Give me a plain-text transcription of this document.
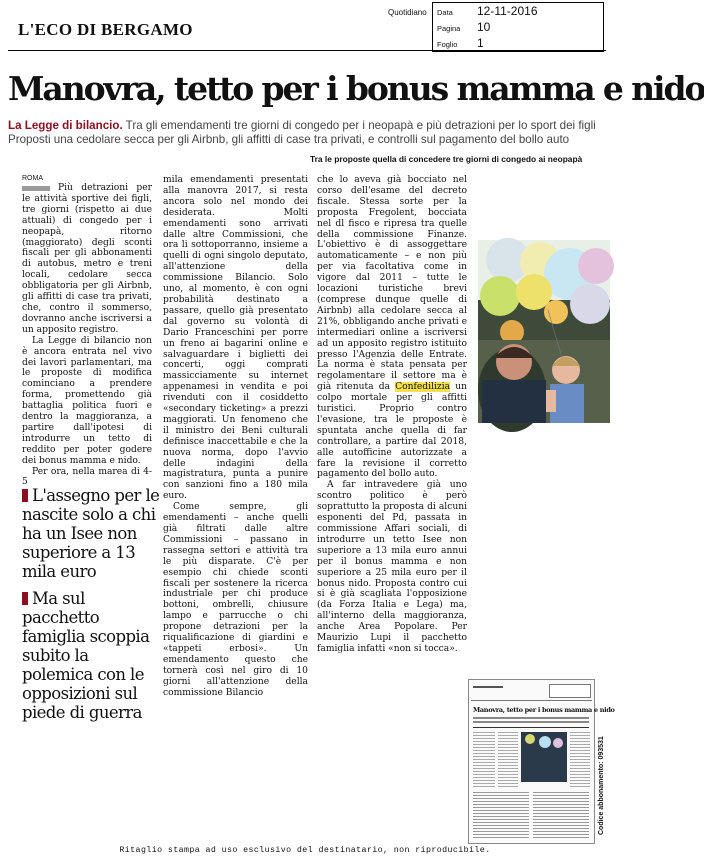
L'ECO DI BERGAMO
Quotidiano Data 12-11-2016
Pagina 10
Foglio 1
Manovra, tetto per i bonus mamma e nido
La Legge di bilancio. Tra gli emendamenti tre giorni di congedo per i neopapà e più detrazioni per lo sport dei figli
Proposti una cedolare secca per gli Airbnb, gli affitti di case tra privati, e controlli sul pagamento del bollo auto
Tra le proposte quella di concedere tre giorni di congedo ai neopapà
ROMA

Più detrazioni per le attività sportive dei figli, tre giorni (rispetto ai due attuali) di congedo per i neopapà, ritorno (maggiorato) degli sconti fiscali per gli abbonamenti di autobus, metro e treni locali, cedolare secca obbligatoria per gli Airbnb, gli affitti di case tra privati, che, contro il sommerso, dovranno anche iscriversi a un apposito registro.

La Legge di bilancio non è ancora entrata nel vivo dei lavori parlamentari, ma le proposte di modifica cominciano a prendere forma, promettendo già battaglia politica fuori e dentro la maggioranza, a partire dall'ipotesi di introdurre un tetto di reddito per poter godere dei bonus mamma e nido.

Per ora, nella marea di 4-5

L'assegno per le nascite solo a chi ha un Isee non superiore a 13 mila euro
Ma sul pacchetto famiglia scoppia subito la polemica con le opposizioni sul piede di guerra

mila emendamenti presentati alla manovra 2017, si resta ancora solo nel mondo dei desiderata. Molti emendamenti sono arrivati dalle altre Commissioni, che ora li sottoporranno, insieme a quelli di ogni singolo deputato, all'attenzione della commissione Bilancio. Solo uno, al momento, è con ogni probabilità destinato a passare, quello già presentato dal governo su volontà di Dario Franceschini per porre un freno ai bagarini online e salvaguardare i biglietti dei concerti, oggi comprati massicciamente su internet appenamesi in vendita e poi rivenduti con il cosiddetto «secondary ticketing» a prezzi maggiorati. Un fenomeno che il ministro dei Beni culturali definisce inaccettabile e che la nuova norma, dopo l'avvio delle indagini della magistratura, punta a punire con sanzioni fino a 180 mila euro.

Come sempre, gli emendamenti – anche quelli già filtrati dalle altre Commissioni – passano in rassegna settori e attività tra le più disparate. C'è per esempio chi chiede sconti fiscali per sostenere la ricerca industriale per chi produce bottoni, ombrelli, chiusure lampo e parrucche o chi propone detrazioni per la riqualificazione di giardini e «tappeti erbosi». Un emendamento questo che tornerà così nel giro di 10 giorni all'attenzione della commissione Bilancio

che lo aveva già bocciato nel corso dell'esame del decreto fiscale. Stessa sorte per la proposta Fregolent, bocciata nel dl fisco e ripresa tra quelle della commissione Finanze. L'obiettivo è di assoggettare automaticamente – e non più per via facoltativa come in vigore dal 2011 – tutte le locazioni turistiche brevi (comprese dunque quelle di Airbnb) alla cedolare secca al 21%, obbligando anche privati e intermediari online a iscriversi ad un apposito registro istituito presso l'Agenzia delle Entrate. La norma è stata pensata per regolamentare il settore ma è già ritenuta da Confedilizia un colpo mortale per gli affitti turistici. Proprio contro l'evasione, tra le proposte è spuntata anche quella di far controllare, a partire dal 2018, alle autofficine autorizzate a fare la revisione il corretto pagamento del bollo auto.

A far intravedere già uno scontro politico è però soprattutto la proposta di alcuni esponenti del Pd, passata in commissione Affari sociali, di introdurre un tetto Isee non superiore a 13 mila euro annui per il bonus mamma e non superiore a 25 mila euro per il bonus nido. Proposta contro cui si è già scagliata l'opposizione (da Forza Italia e Lega) ma, all'interno della maggioranza, anche Area Popolare. Per Maurizio Lupi il pacchetto famiglia infatti «non si tocca».

Manovra, tetto per i bonus mamma e nido
Codice abbonamento: 093531
Ritaglio stampa ad uso esclusivo del destinatario, non riproducibile.
